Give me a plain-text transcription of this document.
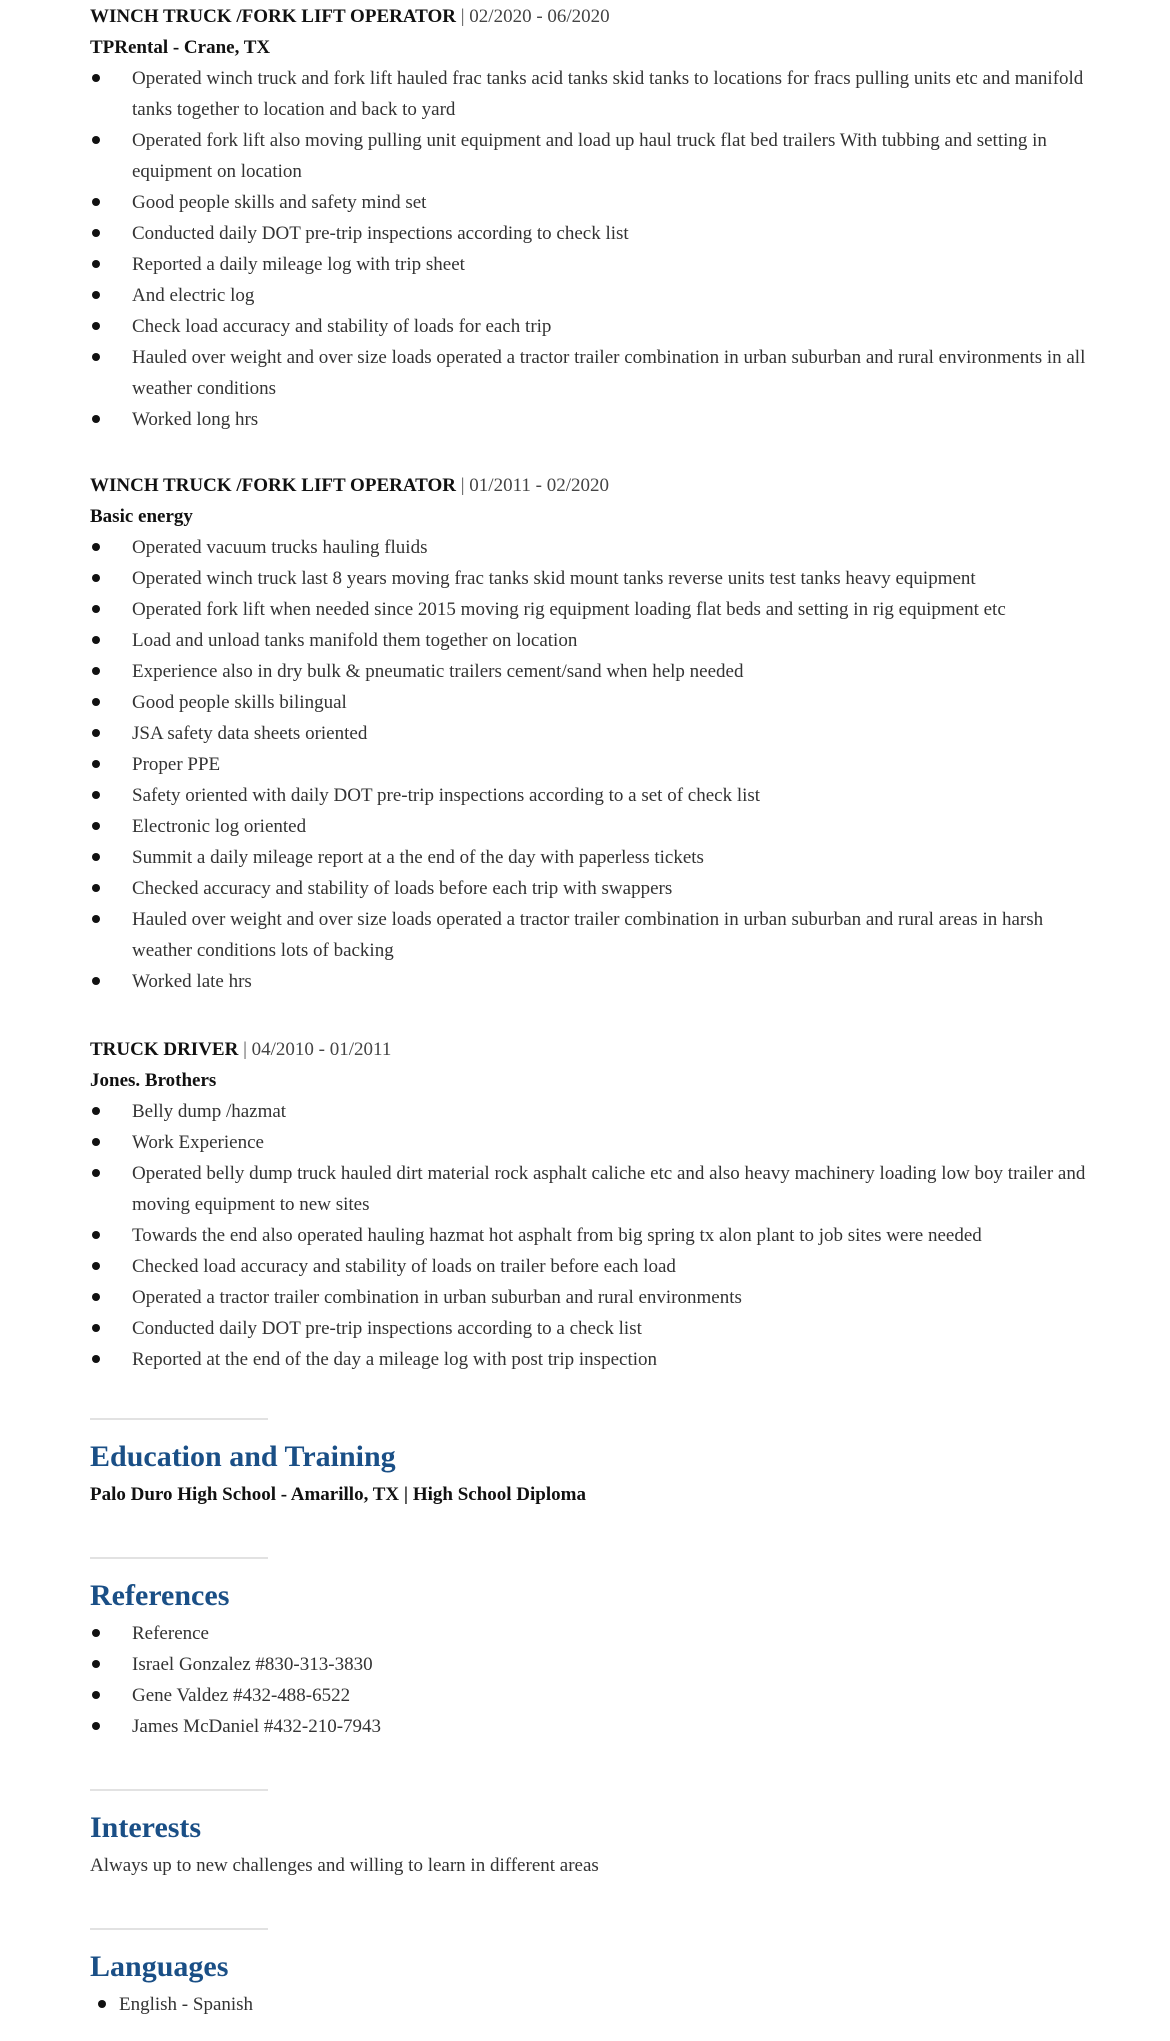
WINCH TRUCK /FORK LIFT OPERATOR | 02/2020 - 06/2020
TPRental - Crane, TX
Operated winch truck and fork lift hauled frac tanks acid tanks skid tanks to locations for fracs pulling units etc and manifold tanks together to location and back to yard
Operated fork lift also moving pulling unit equipment and load up haul truck flat bed trailers With tubbing and setting in equipment on location
Good people skills and safety mind set
Conducted daily DOT pre-trip inspections according to check list
Reported a daily mileage log with trip sheet
And electric log
Check load accuracy and stability of loads for each trip
Hauled over weight and over size loads operated a tractor trailer combination in urban suburban and rural environments in all weather conditions
Worked long hrs
WINCH TRUCK /FORK LIFT OPERATOR | 01/2011 - 02/2020
Basic energy
Operated vacuum trucks hauling fluids
Operated winch truck last 8 years moving frac tanks skid mount tanks reverse units test tanks heavy equipment
Operated fork lift when needed since 2015 moving rig equipment loading flat beds and setting in rig equipment etc
Load and unload tanks manifold them together on location
Experience also in dry bulk & pneumatic trailers cement/sand when help needed
Good people skills bilingual
JSA safety data sheets oriented
Proper PPE
Safety oriented with daily DOT pre-trip inspections according to a set of check list
Electronic log oriented
Summit a daily mileage report at a the end of the day with paperless tickets
Checked accuracy and stability of loads before each trip with swappers
Hauled over weight and over size loads operated a tractor trailer combination in urban suburban and rural areas in harsh weather conditions lots of backing
Worked late hrs
TRUCK DRIVER | 04/2010 - 01/2011
Jones. Brothers
Belly dump /hazmat
Work Experience
Operated belly dump truck hauled dirt material rock asphalt caliche etc and also heavy machinery loading low boy trailer and moving equipment to new sites
Towards the end also operated hauling hazmat hot asphalt from big spring tx alon plant to job sites were needed
Checked load accuracy and stability of loads on trailer before each load
Operated a tractor trailer combination in urban suburban and rural environments
Conducted daily DOT pre-trip inspections according to a check list
Reported at the end of the day a mileage log with post trip inspection
Education and Training
Palo Duro High School - Amarillo, TX | High School Diploma
References
Reference
Israel Gonzalez #830-313-3830
Gene Valdez #432-488-6522
James McDaniel #432-210-7943
Interests
Always up to new challenges and willing to learn in different areas
Languages
English - Spanish
